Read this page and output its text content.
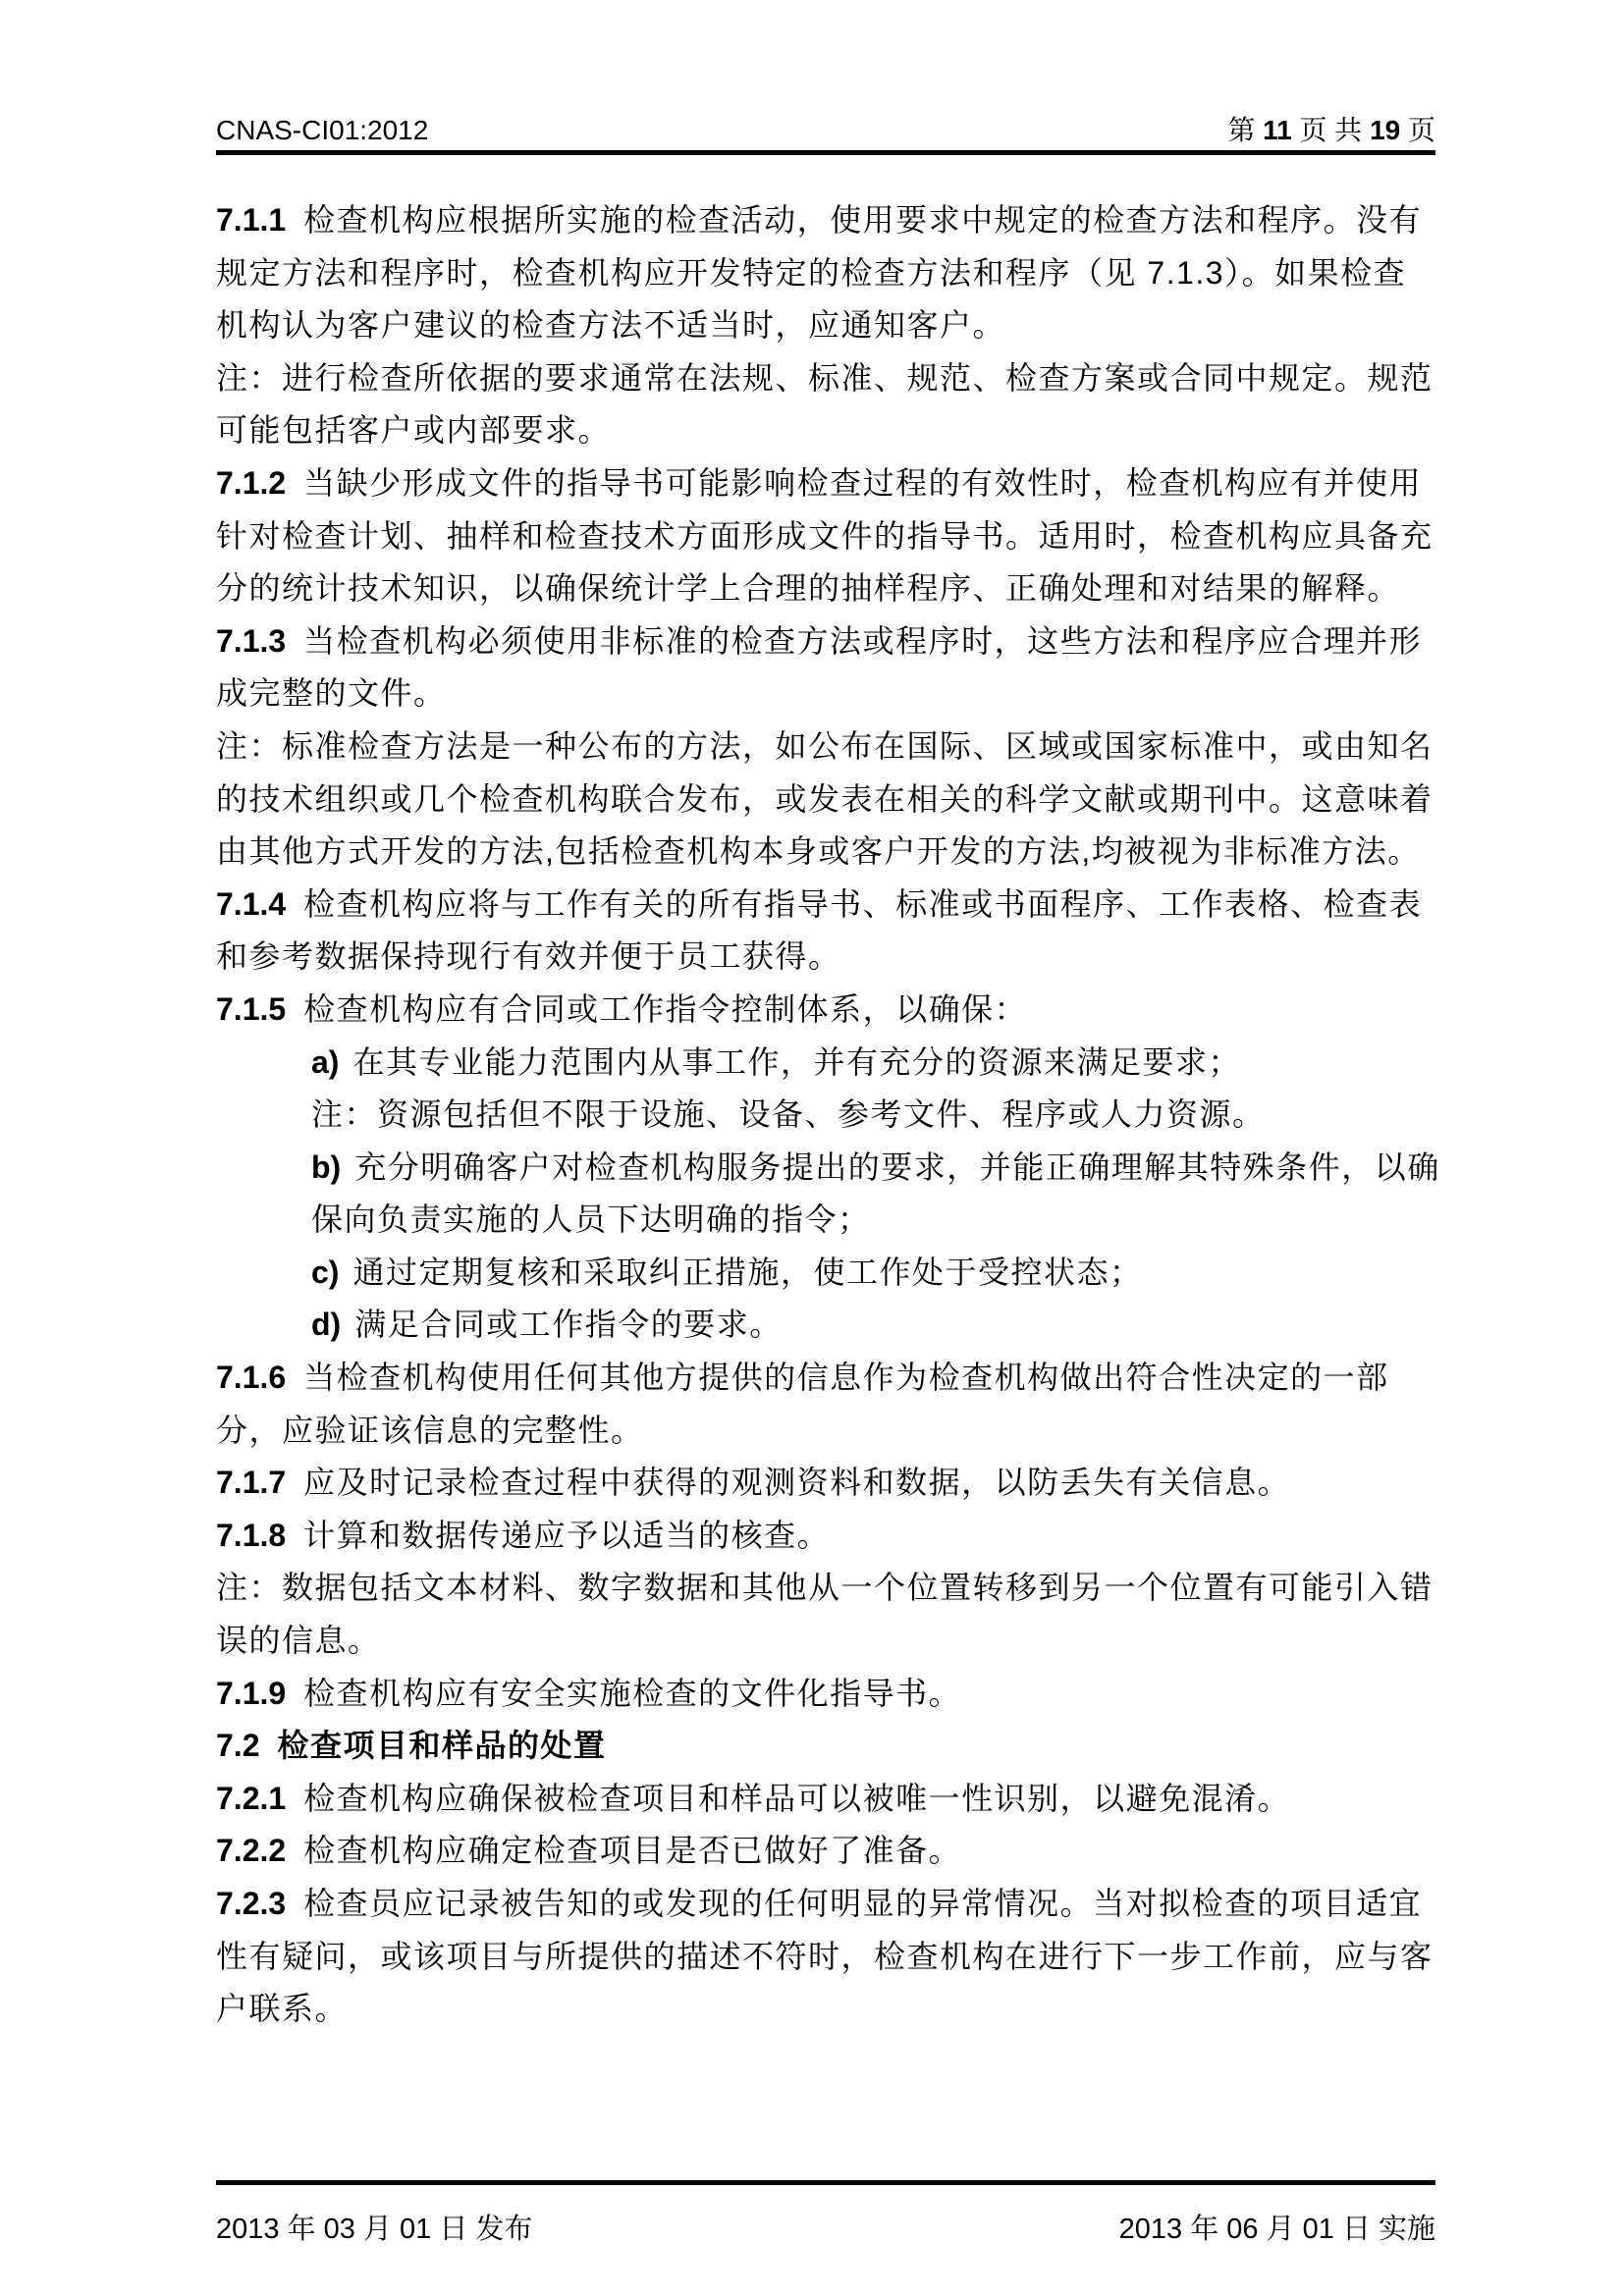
CNAS-CI01:2012	第 11 页 共 19 页
7.1.1 检查机构应根据所实施的检查活动，使用要求中规定的检查方法和程序。没有
规定方法和程序时，检查机构应开发特定的检查方法和程序（见 7.1.3）。如果检查
机构认为客户建议的检查方法不适当时，应通知客户。
注：进行检查所依据的要求通常在法规、标准、规范、检查方案或合同中规定。规范
可能包括客户或内部要求。
7.1.2 当缺少形成文件的指导书可能影响检查过程的有效性时，检查机构应有并使用
针对检查计划、抽样和检查技术方面形成文件的指导书。适用时，检查机构应具备充
分的统计技术知识，以确保统计学上合理的抽样程序、正确处理和对结果的解释。
7.1.3 当检查机构必须使用非标准的检查方法或程序时，这些方法和程序应合理并形
成完整的文件。
注：标准检查方法是一种公布的方法，如公布在国际、区域或国家标准中，或由知名
的技术组织或几个检查机构联合发布，或发表在相关的科学文献或期刊中。这意味着
由其他方式开发的方法,包括检查机构本身或客户开发的方法,均被视为非标准方法。
7.1.4 检查机构应将与工作有关的所有指导书、标准或书面程序、工作表格、检查表
和参考数据保持现行有效并便于员工获得。
7.1.5 检查机构应有合同或工作指令控制体系，以确保：
a) 在其专业能力范围内从事工作，并有充分的资源来满足要求；
注：资源包括但不限于设施、设备、参考文件、程序或人力资源。
b) 充分明确客户对检查机构服务提出的要求，并能正确理解其特殊条件，以确
保向负责实施的人员下达明确的指令；
c) 通过定期复核和采取纠正措施，使工作处于受控状态；
d) 满足合同或工作指令的要求。
7.1.6 当检查机构使用任何其他方提供的信息作为检查机构做出符合性决定的一部
分，应验证该信息的完整性。
7.1.7 应及时记录检查过程中获得的观测资料和数据，以防丢失有关信息。
7.1.8 计算和数据传递应予以适当的核查。
注：数据包括文本材料、数字数据和其他从一个位置转移到另一个位置有可能引入错
误的信息。
7.1.9 检查机构应有安全实施检查的文件化指导书。
7.2 检查项目和样品的处置
7.2.1 检查机构应确保被检查项目和样品可以被唯一性识别，以避免混淆。
7.2.2 检查机构应确定检查项目是否已做好了准备。
7.2.3 检查员应记录被告知的或发现的任何明显的异常情况。当对拟检查的项目适宜
性有疑问，或该项目与所提供的描述不符时，检查机构在进行下一步工作前，应与客
户联系。
2013 年 03 月 01 日 发布	2013 年 06 月 01 日 实施
